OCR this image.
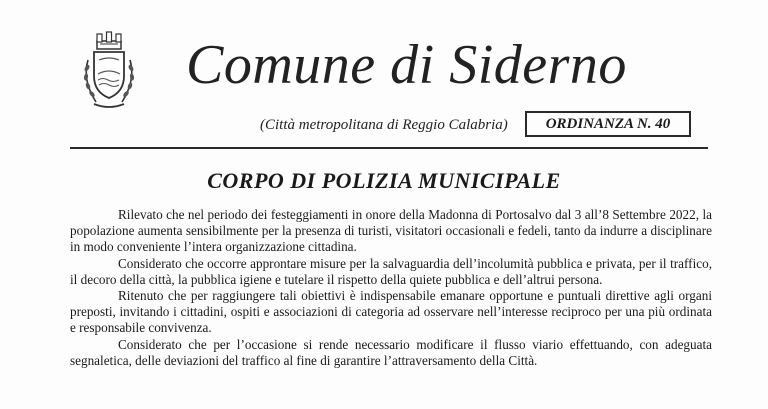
Comune di Siderno
(Città metropolitana di Reggio Calabria)	ORDINANZA N. 40
CORPO DI POLIZIA MUNICIPALE

Rilevato che nel periodo dei festeggiamenti in onore della Madonna di Portosalvo dal 3 all’8 Settembre 2022, la popolazione aumenta sensibilmente per la presenza di turisti, visitatori occasionali e fedeli, tanto da indurre a disciplinare in modo conveniente l’intera organizzazione cittadina.

Considerato che occorre approntare misure per la salvaguardia dell’incolumità pubblica e privata, per il traffico, il decoro della città, la pubblica igiene e tutelare il rispetto della quiete pubblica e dell’altrui persona.

Ritenuto che per raggiungere tali obiettivi è indispensabile emanare opportune e puntuali direttive agli organi preposti, invitando i cittadini, ospiti e associazioni di categoria ad osservare nell’interesse reciproco per una più ordinata e responsabile convivenza.

Considerato che per l’occasione si rende necessario modificare il flusso viario effettuando, con adeguata segnaletica, delle deviazioni del traffico al fine di garantire l’attraversamento della Città.
